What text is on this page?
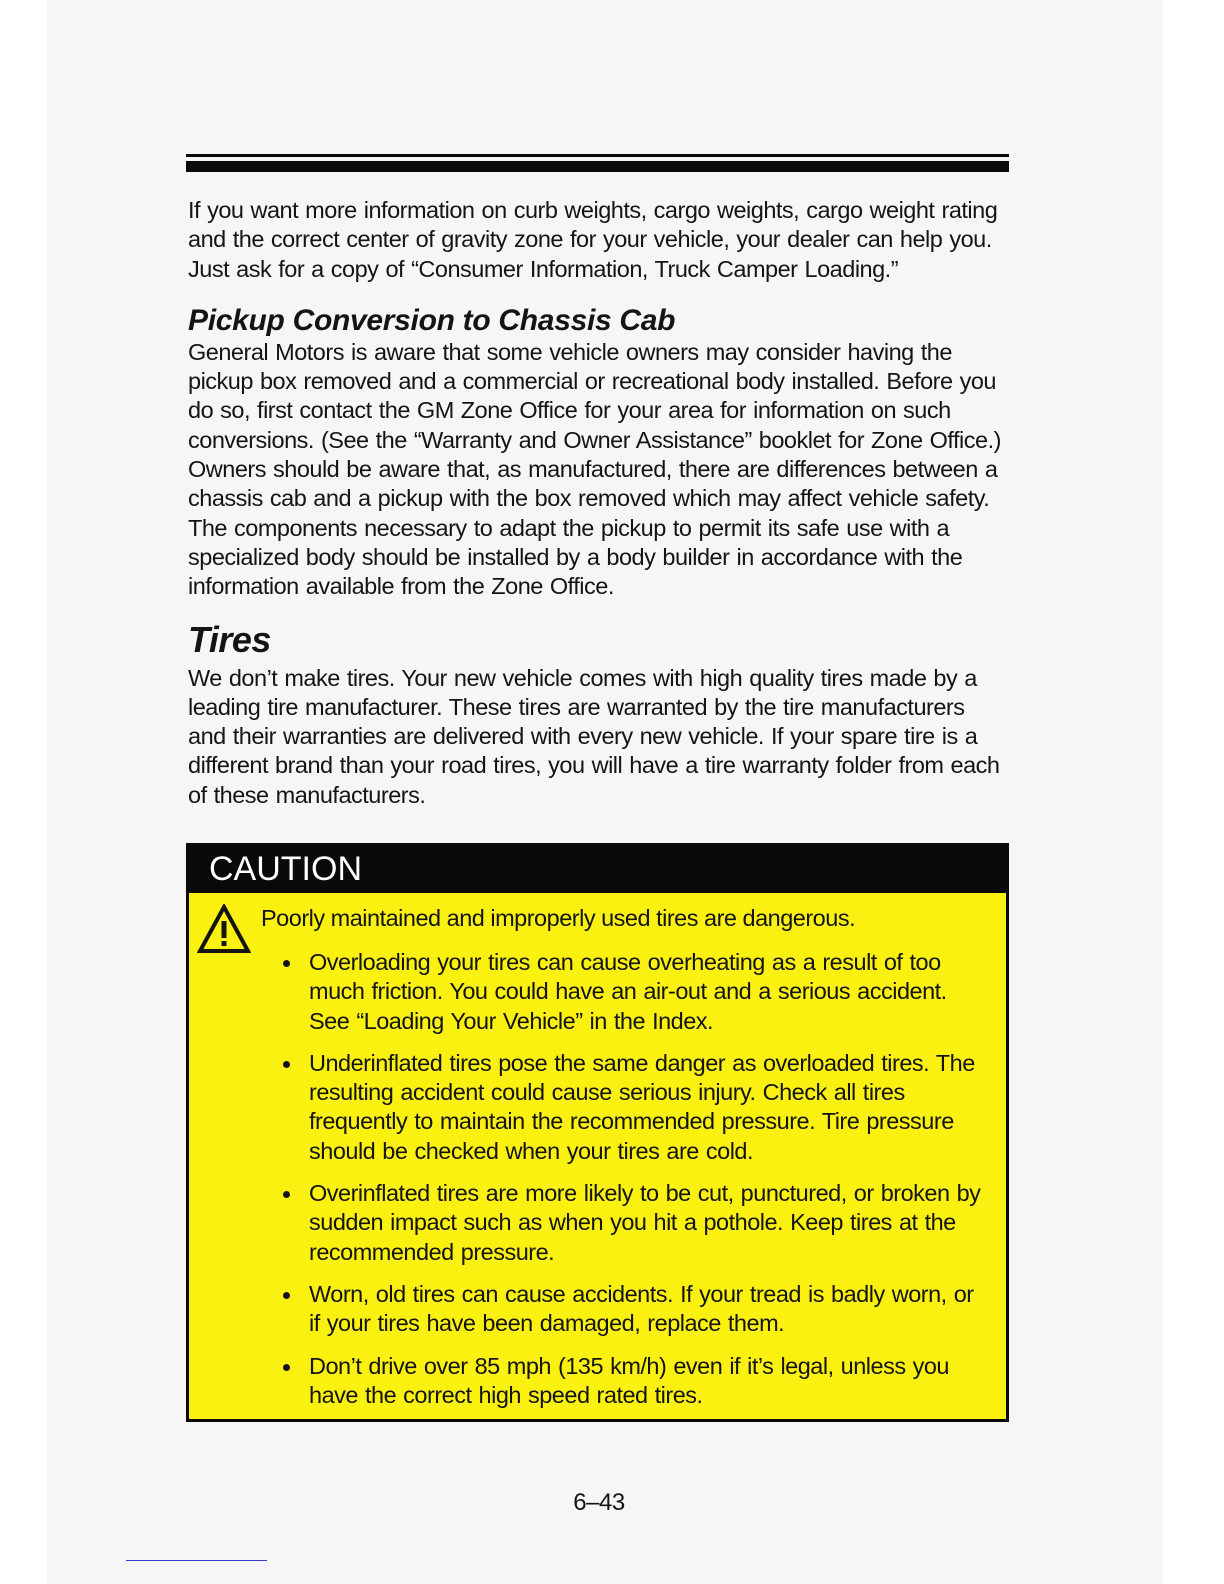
If you want more information on curb weights, cargo weights, cargo weight rating and the correct center of gravity zone for your vehicle, your dealer can help you. Just ask for a copy of “Consumer Information, Truck Camper Loading.”

Pickup Conversion to Chassis Cab

General Motors is aware that some vehicle owners may consider having the pickup box removed and a commercial or recreational body installed. Before you do so, first contact the GM Zone Office for your area for information on such conversions. (See the “Warranty and Owner Assistance” booklet for Zone Office.) Owners should be aware that, as manufactured, there are differences between a chassis cab and a pickup with the box removed which may affect vehicle safety. The components necessary to adapt the pickup to permit its safe use with a specialized body should be installed by a body builder in accordance with the information available from the Zone Office.

Tires

We don’t make tires. Your new vehicle comes with high quality tires made by a leading tire manufacturer. These tires are warranted by the tire manufacturers and their warranties are delivered with every new vehicle. If your spare tire is a different brand than your road tires, you will have a tire warranty folder from each of these manufacturers.

CAUTION
Poorly maintained and improperly used tires are dangerous.
Overloading your tires can cause overheating as a result of too much friction. You could have an air-out and a serious accident. See “Loading Your Vehicle” in the Index.
Underinflated tires pose the same danger as overloaded tires. The resulting accident could cause serious injury. Check all tires frequently to maintain the recommended pressure. Tire pressure should be checked when your tires are cold.
Overinflated tires are more likely to be cut, punctured, or broken by sudden impact such as when you hit a pothole. Keep tires at the recommended pressure.
Worn, old tires can cause accidents. If your tread is badly worn, or if your tires have been damaged, replace them.
Don’t drive over 85 mph (135 km/h) even if it’s legal, unless you have the correct high speed rated tires.
6–43
